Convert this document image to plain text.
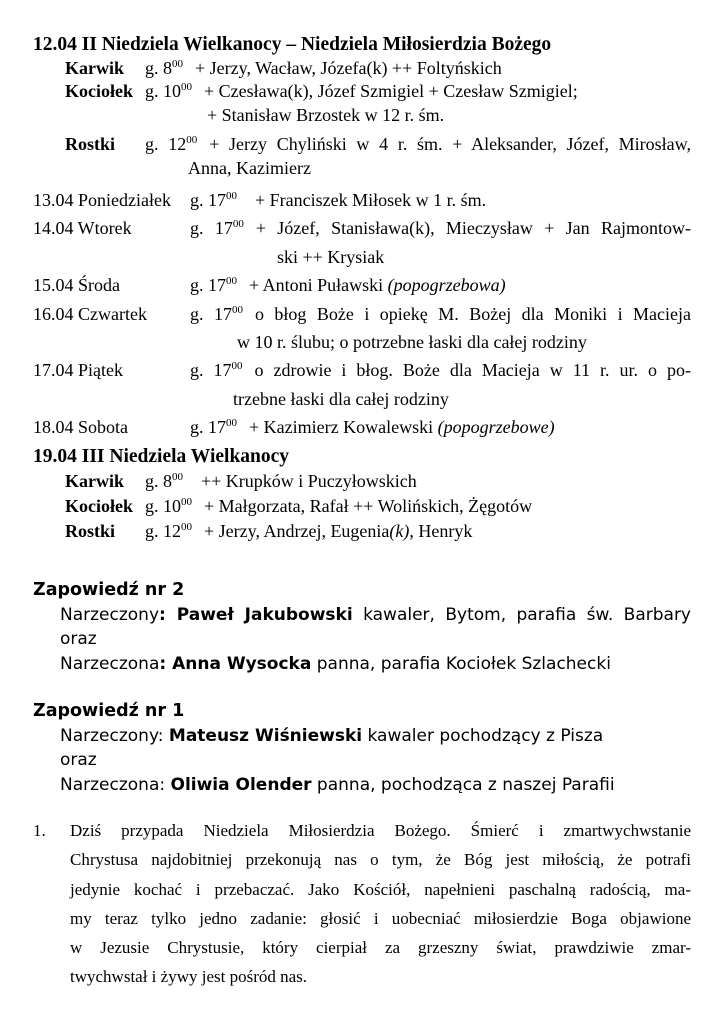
12.04 II Niedziela Wielkanocy – Niedziela Miłosierdzia Bożego
Karwik	g. $8^{00}$ + Jerzy, Wacław, Józefa(k) ++ Foltyńskich
Kociołek g. $10^{00}$ + Czesława(k), Józef Szmigiel + Czesław Szmigiel;
+ Stanisław Brzostek w 12 r. śm.
Rostki	g. $12^{00}$ + Jerzy Chyliński w 4 r. śm. + Aleksander, Józef, Mirosław,
Anna, Kazimierz
13.04 Poniedziałek	g. $17^{00}$ + Franciszek Miłosek w 1 r. śm.
14.04 Wtorek	g. $17^{00}$ + Józef, Stanisława(k), Mieczysław + Jan Rajmontow-
ski ++ Krysiak
15.04 Środa	g. $17^{00}$ + Antoni Puławski (popogrzebowa)
16.04 Czwartek	g. $17^{00}$ o błog Boże i opiekę M. Bożej dla Moniki i Macieja
w 10 r. ślubu; o potrzebne łaski dla całej rodziny
17.04 Piątek	g. $17^{00}$ o zdrowie i błog. Boże dla Macieja w 11 r. ur. o po-
trzebne łaski dla całej rodziny
18.04 Sobota	g. $17^{00}$ + Kazimierz Kowalewski (popogrzebowe)
19.04 III Niedziela Wielkanocy
Karwik	g. $8^{00}$ ++ Krupków i Puczyłowskich
Kociołek g. $10^{00}$ + Małgorzata, Rafał ++ Wolińskich, Żęgotów
Rostki	g. $12^{00}$ + Jerzy, Andrzej, Eugenia(k), Henryk
Zapowiedź nr 2
Narzeczony: Paweł Jakubowski kawaler, Bytom, parafia św. Barbary
oraz
Narzeczona: Anna Wysocka panna, parafia Kociołek Szlachecki
Zapowiedź nr 1
Narzeczony: Mateusz Wiśniewski kawaler pochodzący z Pisza
oraz
Narzeczona: Oliwia Olender panna, pochodząca z naszej Parafii
1. Dziś przypada Niedziela Miłosierdzia Bożego. Śmierć i zmartwychwstanie
Chrystusa najdobitniej przekonują nas o tym, że Bóg jest miłością, że potrafi
jedynie kochać i przebaczać. Jako Kościół, napełnieni paschalną radością, ma-
my teraz tylko jedno zadanie: głosić i uobecniać miłosierdzie Boga objawione
w Jezusie Chrystusie, który cierpiał za grzeszny świat, prawdziwie zmar-
twychwstał i żywy jest pośród nas.
